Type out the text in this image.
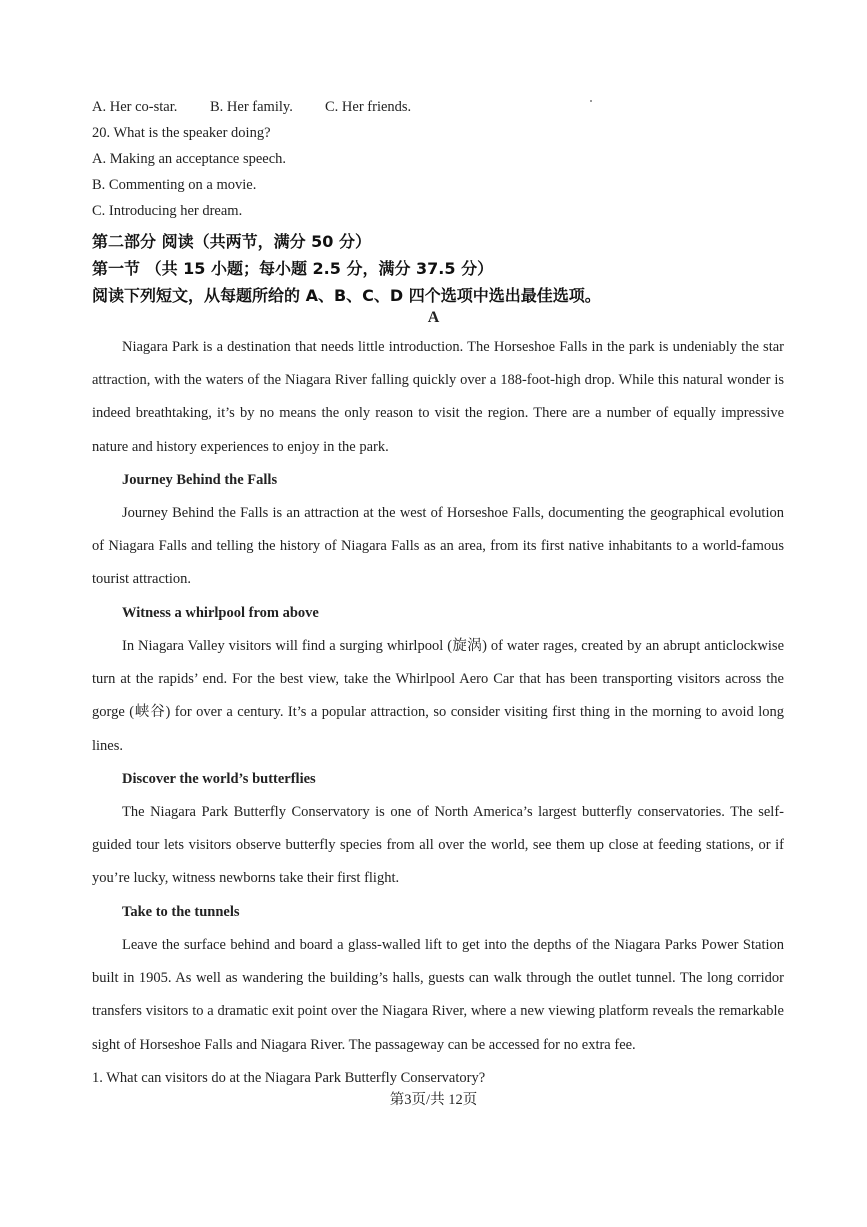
A. Her co-star. B. Her family. C. Her friends.
20. What is the speaker doing?
A. Making an acceptance speech.
B. Commenting on a movie.
C. Introducing her dream.
第二部分 阅读（共两节，满分 50 分）
第一节 （共 15 小题；每小题 2.5 分，满分 37.5 分）
阅读下列短文，从每题所给的 A、B、C、D 四个选项中选出最佳选项。
A
Niagara Park is a destination that needs little introduction. The Horseshoe Falls in the park is undeniably the star attraction, with the waters of the Niagara River falling quickly over a 188-foot-high drop. While this natural wonder is indeed breathtaking, it’s by no means the only reason to visit the region. There are a number of equally impressive nature and history experiences to enjoy in the park.
Journey Behind the Falls
Journey Behind the Falls is an attraction at the west of Horseshoe Falls, documenting the geographical evolution of Niagara Falls and telling the history of Niagara Falls as an area, from its first native inhabitants to a world-famous tourist attraction.
Witness a whirlpool from above
In Niagara Valley visitors will find a surging whirlpool (旋涡) of water rages, created by an abrupt anticlockwise turn at the rapids’ end. For the best view, take the Whirlpool Aero Car that has been transporting visitors across the gorge (峡谷) for over a century. It’s a popular attraction, so consider visiting first thing in the morning to avoid long lines.
Discover the world’s butterflies
The Niagara Park Butterfly Conservatory is one of North America’s largest butterfly conservatories. The self-guided tour lets visitors observe butterfly species from all over the world, see them up close at feeding stations, or if you’re lucky, witness newborns take their first flight.
Take to the tunnels
Leave the surface behind and board a glass-walled lift to get into the depths of the Niagara Parks Power Station built in 1905. As well as wandering the building’s halls, guests can walk through the outlet tunnel. The long corridor transfers visitors to a dramatic exit point over the Niagara River, where a new viewing platform reveals the remarkable sight of Horseshoe Falls and Niagara River. The passageway can be accessed for no extra fee.
1. What can visitors do at the Niagara Park Butterfly Conservatory?
第3页/共 12页
